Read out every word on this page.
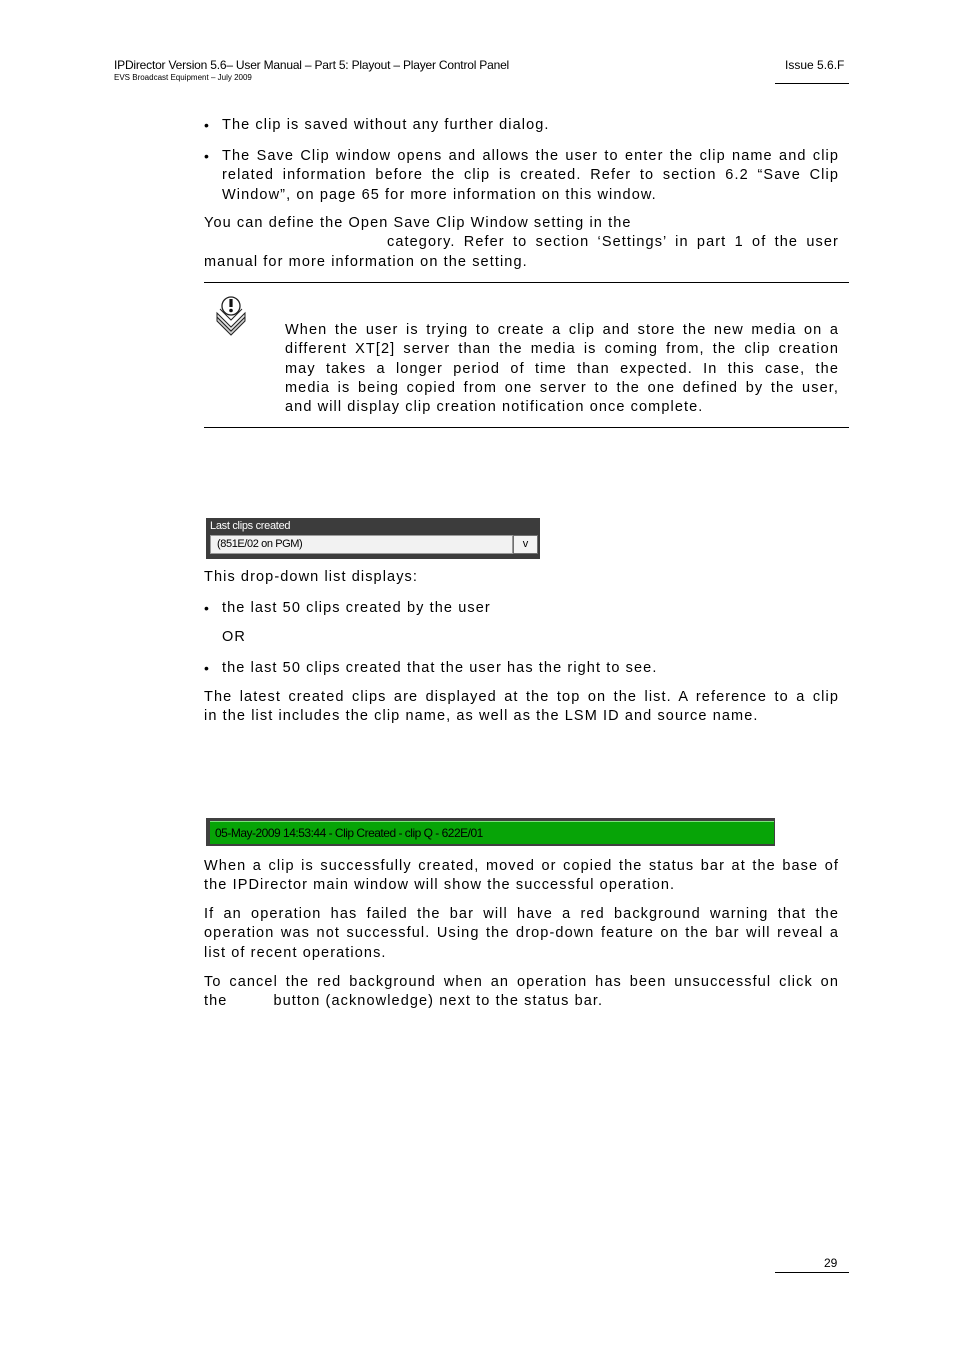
IPDirector Version 5.6– User Manual – Part 5: Playout – Player Control Panel
EVS Broadcast Equipment – July 2009
Issue 5.6.F
• The clip is saved without any further dialog.
• The Save Clip window opens and allows the user to enter the clip name and clip
related information before the clip is created. Refer to section 6.2 “Save Clip
Window”, on page 65 for more information on this window.
You can define the Open Save Clip Window setting in the
category. Refer to section ‘Settings’ in part 1 of the user
manual for more information on the setting.
When the user is trying to create a clip and store the new media on a
different XT[2] server than the media is coming from, the clip creation
may takes a longer period of time than expected. In this case, the
media is being copied from one server to the one defined by the user,
and will display clip creation notification once complete.
Last clips created
(851E/02 on PGM)	v
This drop-down list displays:
• the last 50 clips created by the user
OR
• the last 50 clips created that the user has the right to see.
The latest created clips are displayed at the top on the list. A reference to a clip
in the list includes the clip name, as well as the LSM ID and source name.
05-May-2009 14:53:44 - Clip Created - clip Q - 622E/01
When a clip is successfully created, moved or copied the status bar at the base of
the IPDirector main window will show the successful operation.
If an operation has failed the bar will have a red background warning that the
operation was not successful. Using the drop-down feature on the bar will reveal a
list of recent operations.
To cancel the red background when an operation has been unsuccessful click on
the	button (acknowledge) next to the status bar.
29
